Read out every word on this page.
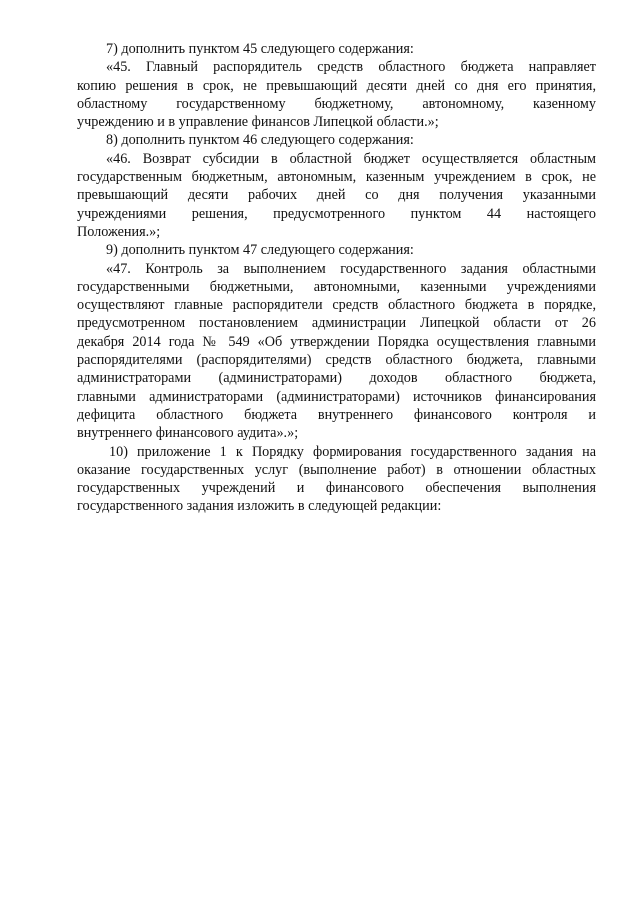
7) дополнить пунктом 45 следующего содержания:
«45. Главный распорядитель средств областного бюджета направляет
копию решения в срок, не превышающий десяти дней со дня его принятия,
областному государственному бюджетному, автономному, казенному
учреждению и в управление финансов Липецкой области.»;
8) дополнить пунктом 46 следующего содержания:
«46. Возврат субсидии в областной бюджет осуществляется областным
государственным бюджетным, автономным, казенным учреждением в срок, не
превышающий десяти рабочих дней со дня получения указанными
учреждениями решения, предусмотренного пунктом 44 настоящего
Положения.»;
9) дополнить пунктом 47 следующего содержания:
«47. Контроль за выполнением государственного задания областными
государственными бюджетными, автономными, казенными учреждениями
осуществляют главные распорядители средств областного бюджета в порядке,
предусмотренном постановлением администрации Липецкой области от 26
декабря 2014 года № 549 «Об утверждении Порядка осуществления главными
распорядителями (распорядителями) средств областного бюджета, главными
администраторами (администраторами) доходов областного бюджета,
главными администраторами (администраторами) источников финансирования
дефицита областного бюджета внутреннего финансового контроля и
внутреннего финансового аудита».»;
10) приложение 1 к Порядку формирования государственного задания на
оказание государственных услуг (выполнение работ) в отношении областных
государственных учреждений и финансового обеспечения выполнения
государственного задания изложить в следующей редакции:
